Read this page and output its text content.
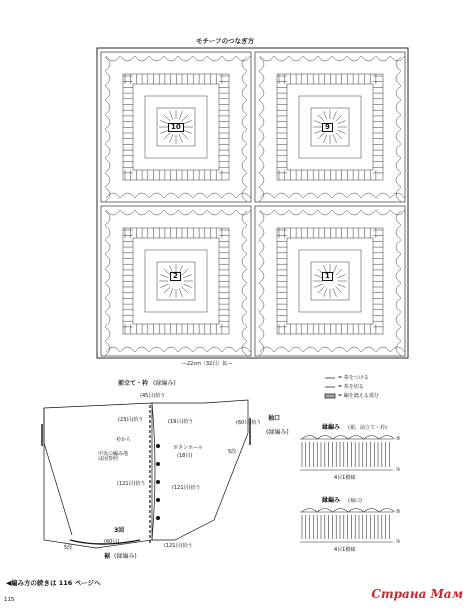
モチーフのつなぎ方
10	9
2	1
—22cm（32目）拡—
前立て・衿 (縁編み)
(45目)拾う
(23目)拾う
衿から
中央の編み地は図参照
(121目)拾う
ボタンホール
(18目)
(19目)拾う
(121目)拾う
袖口
(縁編み)
(60目)拾う
5段
3回
(60目)
裾 (縁編み)
(121目)拾う
5段
= 糸をつける
= 糸を切る
= 編を縫える部分
縁編み (裾、前立て・衿)
⑤
①
4目1模様
縁編み (袖口)
⑤
①
4目1模様
◀編み方の続きは 116 ページへ
115	Страна Мам
